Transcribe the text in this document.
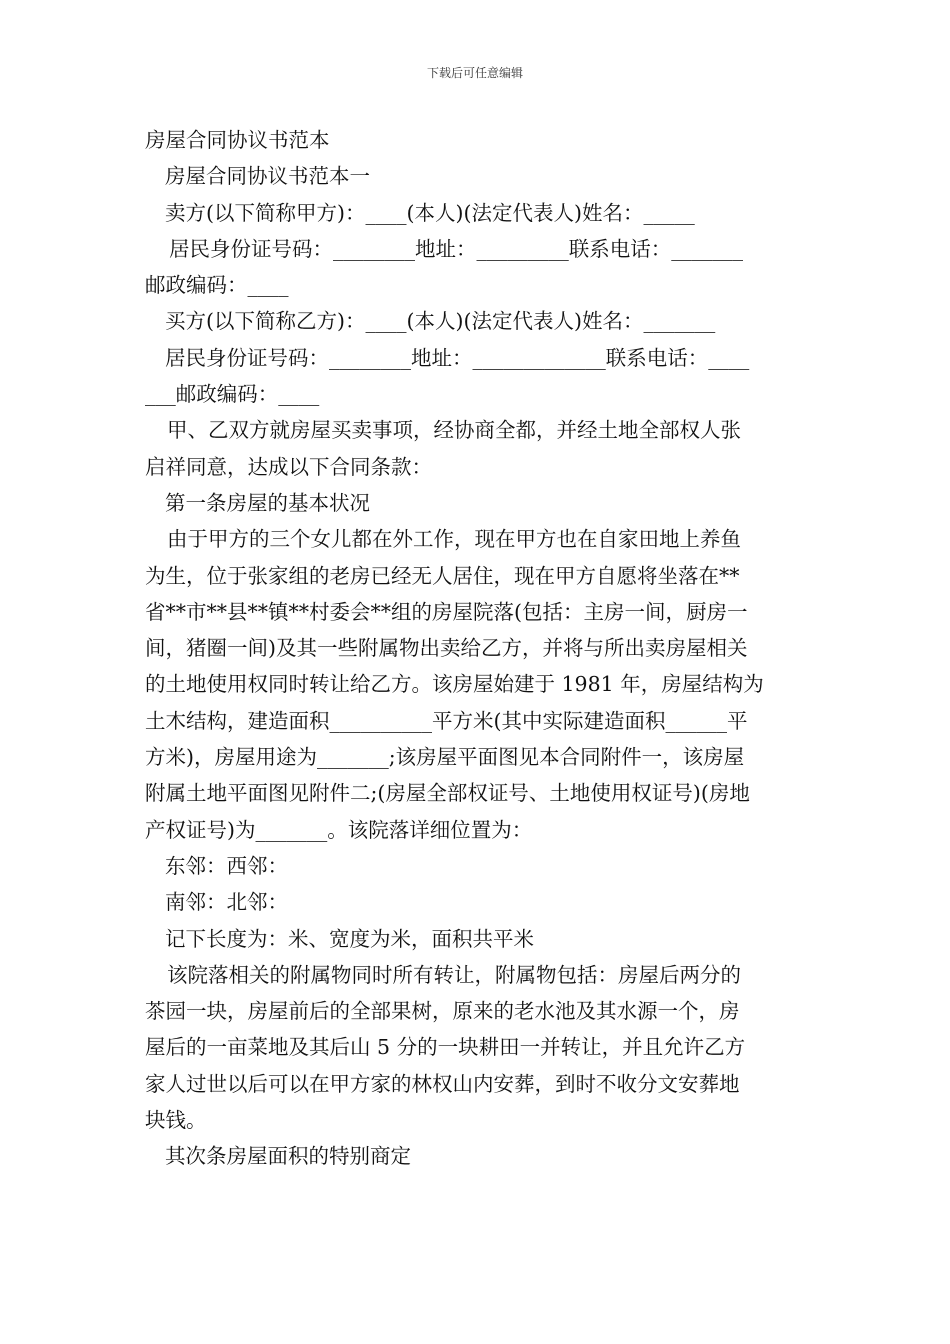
下载后可任意编辑
房屋合同协议书范本
房屋合同协议书范本一
卖方(以下简称甲方)：____(本人)(法定代表人)姓名：_____
居民身份证号码：________地址：_________联系电话：_______
邮政编码：____
买方(以下简称乙方)：____(本人)(法定代表人)姓名：_______
居民身份证号码：________地址：_____________联系电话：____
___邮政编码：____
甲、乙双方就房屋买卖事项，经协商全都，并经土地全部权人张
启祥同意，达成以下合同条款：
第一条房屋的基本状况
由于甲方的三个女儿都在外工作，现在甲方也在自家田地上养鱼
为生，位于张家组的老房已经无人居住，现在甲方自愿将坐落在**
省**市**县**镇**村委会**组的房屋院落(包括：主房一间，厨房一
间，猪圈一间)及其一些附属物出卖给乙方，并将与所出卖房屋相关
的土地使用权同时转让给乙方。该房屋始建于 1981 年，房屋结构为
土木结构，建造面积__________平方米(其中实际建造面积______平
方米)，房屋用途为_______;该房屋平面图见本合同附件一，该房屋
附属土地平面图见附件二;(房屋全部权证号、土地使用权证号)(房地
产权证号)为_______。该院落详细位置为：
东邻：西邻：
南邻：北邻：
记下长度为：米、宽度为米，面积共平米
该院落相关的附属物同时所有转让，附属物包括：房屋后两分的
茶园一块，房屋前后的全部果树，原来的老水池及其水源一个，房
屋后的一亩菜地及其后山 5 分的一块耕田一并转让，并且允许乙方
家人过世以后可以在甲方家的林权山内安葬，到时不收分文安葬地
块钱。
其次条房屋面积的特别商定
